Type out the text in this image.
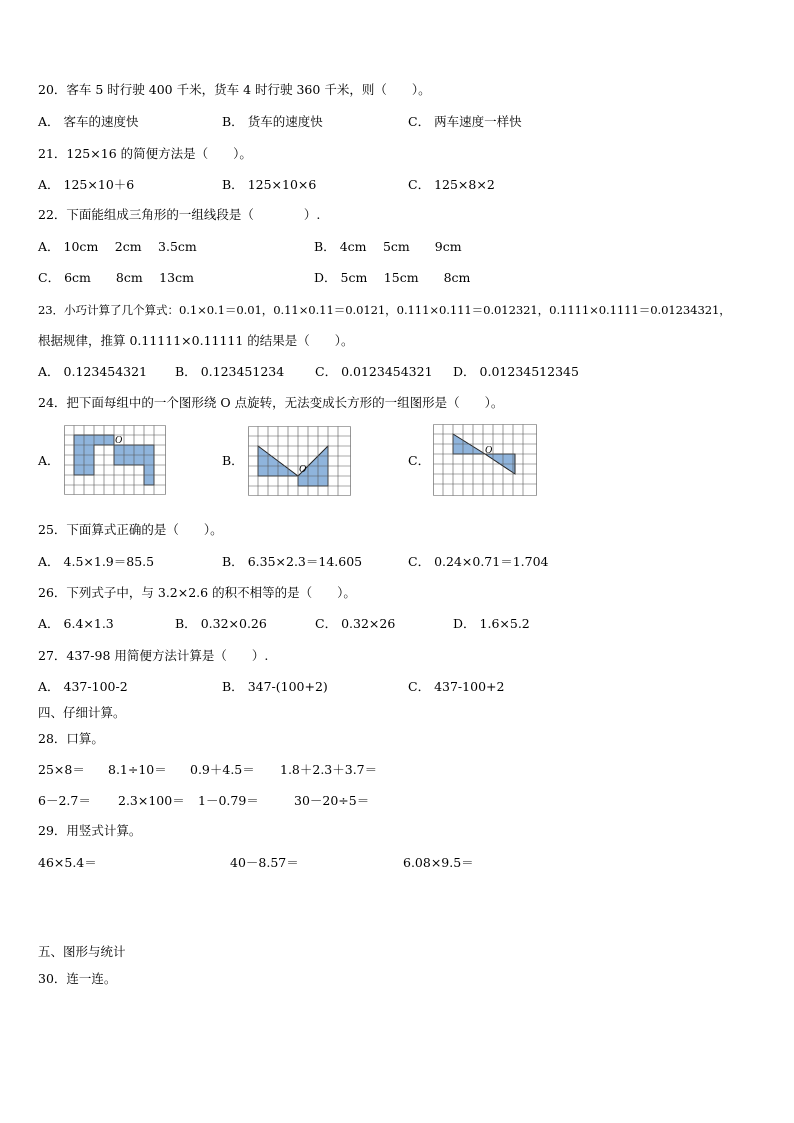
20．客车 5 时行驶 400 千米，货车 4 时行驶 360 千米，则（　　）。
A． 客车的速度快	B． 货车的速度快	C． 两车速度一样快
21．125×16 的简便方法是（　　）。
A． 125×10＋6	B． 125×10×6	C． 125×8×2
22．下面能组成三角形的一组线段是（　　　　）.
A． 10cm　 2cm　 3.5cm	B． 4cm　 5cm　　9cm
C． 6cm　　8cm　 13cm	D． 5cm　 15cm　　8cm
23．小巧计算了几个算式：0.1×0.1＝0.01，0.11×0.11＝0.0121，0.111×0.111＝0.012321，0.1111×0.1111＝0.01234321，
根据规律，推算 0.11111×0.11111 的结果是（　　）。
A． 0.123454321 B． 0.123451234 C． 0.0123454321 D． 0.01234512345
24．把下面每组中的一个图形绕 O 点旋转，无法变成长方形的一组图形是（　　）。
A．
O
B．
O
C．
O
25．下面算式正确的是（　　）。
A． 4.5×1.9＝85.5	B． 6.35×2.3＝14.605	C． 0.24×0.71＝1.704
26．下列式子中，与 3.2×2.6 的积不相等的是（　　）。
A． 6.4×1.3	B． 0.32×0.26	C． 0.32×26	D． 1.6×5.2
27．437-98 用简便方法计算是（　　）.
A． 437-100-2	B． 347-(100+2)	C． 437-100+2
四、仔细计算。
28．口算。
25×8＝ 8.1÷10＝ 0.9＋4.5＝ 1.8＋2.3＋3.7＝
6－2.7＝ 2.3×100＝ 1－0.79＝	30－20÷5＝
29．用竖式计算。
46×5.4＝	40－8.57＝	6.08×9.5＝
五、图形与统计
30．连一连。
